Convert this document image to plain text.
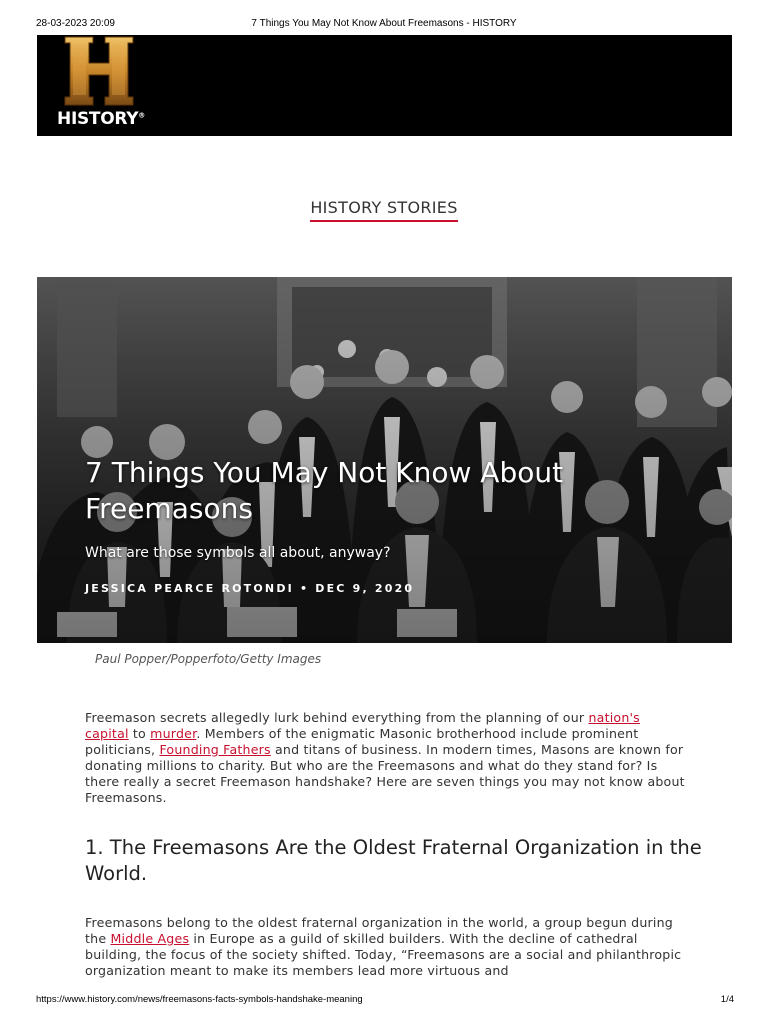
28-03-2023 20:09	7 Things You May Not Know About Freemasons - HISTORY
HISTORY®
HISTORY STORIES
7 Things You May Not Know About Freemasons

What are those symbols all about, anyway?

JESSICA PEARCE ROTONDI • DEC 9, 2020

Paul Popper/Popperfoto/Getty Images

Freemason secrets allegedly lurk behind everything from the planning of our nation's capital to murder. Members of the enigmatic Masonic brotherhood include prominent politicians, Founding Fathers and titans of business. In modern times, Masons are known for donating millions to charity. But who are the Freemasons and what do they stand for? Is there really a secret Freemason handshake? Here are seven things you may not know about Freemasons.

1. The Freemasons Are the Oldest Fraternal Organization in the World.

Freemasons belong to the oldest fraternal organization in the world, a group begun during the Middle Ages in Europe as a guild of skilled builders. With the decline of cathedral building, the focus of the society shifted. Today, “Freemasons are a social and philanthropic organization meant to make its members lead more virtuous and

https://www.history.com/news/freemasons-facts-symbols-handshake-meaning	1/4
